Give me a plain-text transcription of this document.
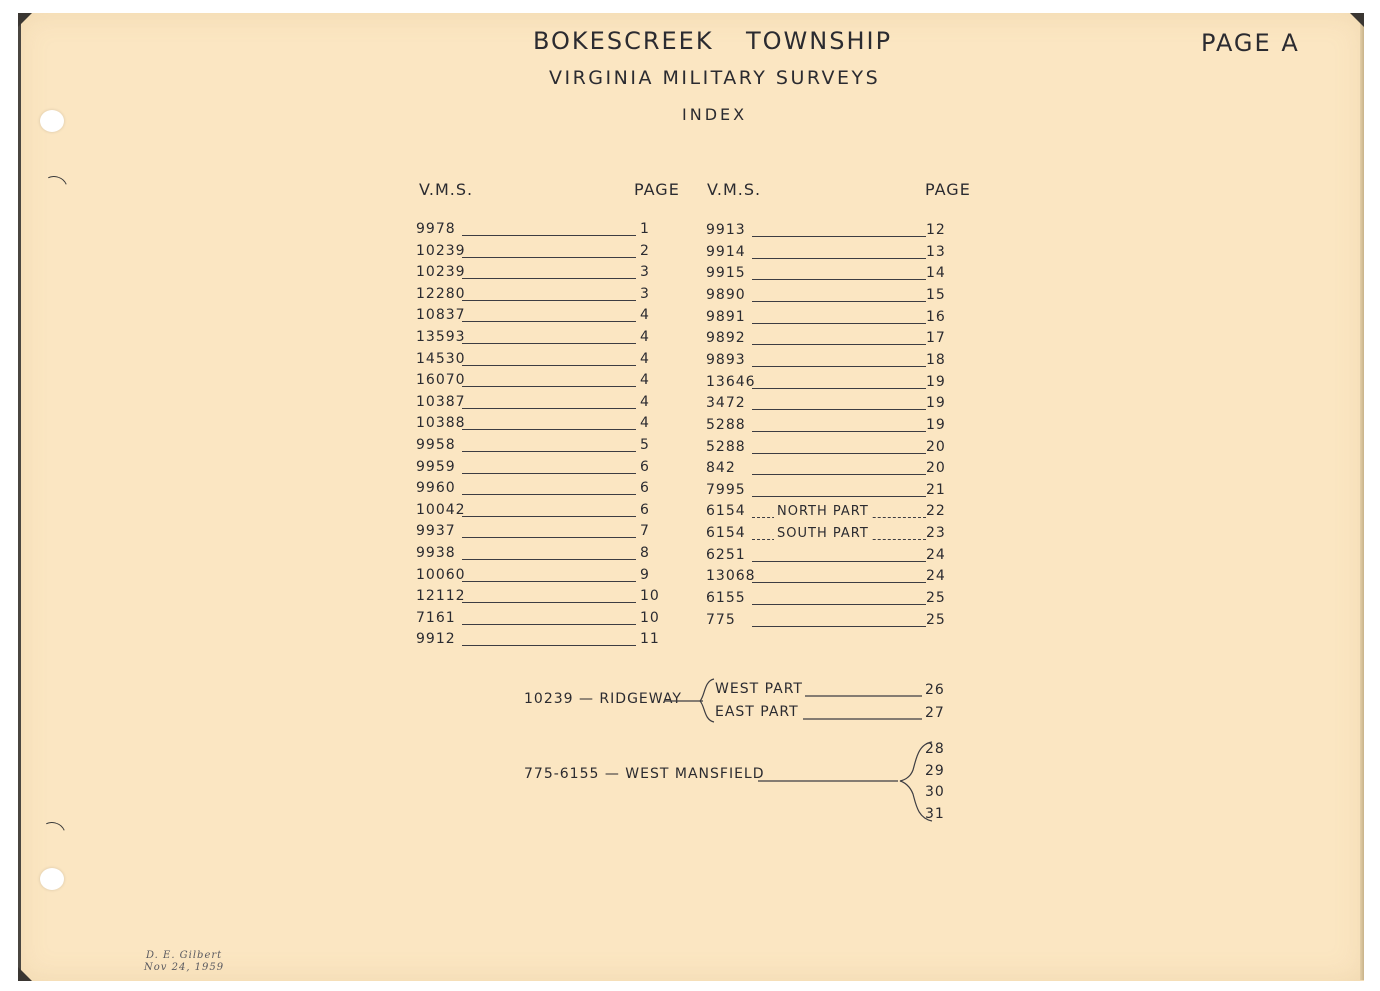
BOKESCREEK TOWNSHIP	PAGE A
VIRGINIA MILITARY SURVEYS
INDEX
V.M.S.	PAGE V.M.S.	PAGE
9978	1
10239	2
10239	3
12280	3
10837	4
13593	4
14530	4
16070	4
10387	4
10388	4
9958	5
9959	6
9960	6
10042	6
9937	7
9938	8
10060	9
12112	10
7161	10
9912	11
9913	12
9914	13
9915	14
9890	15
9891	16
9892	17
9893	18
13646	19
3472	19
5288	19
5288	20
842	20
7995	21
6154 NORTH PART	22
6154 SOUTH PART	23
6251	24
13068	24
6155	25
775	25
10239 — RIDGEWAY
WEST PART	26
EAST PART	27
775-6155 — WEST MANSFIELD
28
29
30
31
D. E. Gilbert
Nov 24, 1959
